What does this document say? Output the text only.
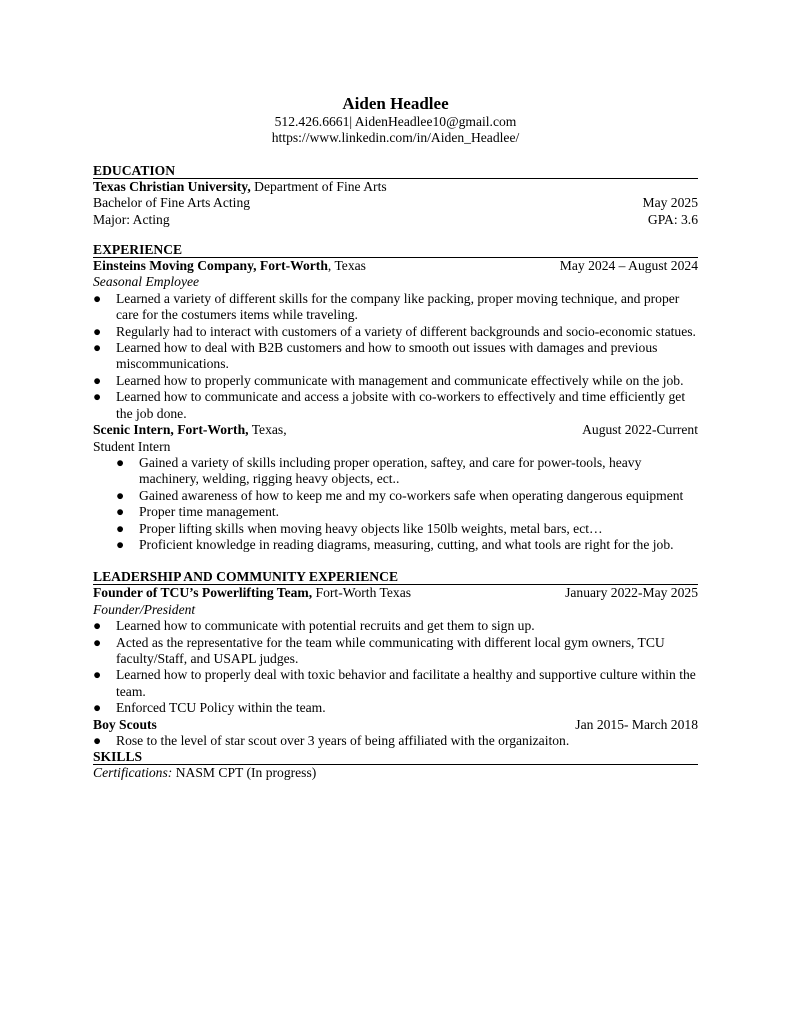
Aiden Headlee
512.426.6661| AidenHeadlee10@gmail.com
https://www.linkedin.com/in/Aiden_Headlee/
EDUCATION
Texas Christian University, Department of Fine Arts
Bachelor of Fine Arts Acting	May 2025
Major: Acting	GPA: 3.6
EXPERIENCE
Einsteins Moving Company, Fort-Worth, Texas	May 2024 – August 2024
Seasonal Employee
● Learned a variety of different skills for the company like packing, proper moving technique, and proper care for the costumers items while traveling.
● Regularly had to interact with customers of a variety of different backgrounds and socio-economic statues.
● Learned how to deal with B2B customers and how to smooth out issues with damages and previous miscommunications.
● Learned how to properly communicate with management and communicate effectively while on the job.
● Learned how to communicate and access a jobsite with co-workers to effectively and time efficiently get the job done.
Scenic Intern, Fort-Worth, Texas,	August 2022-Current
Student Intern
● Gained a variety of skills including proper operation, saftey, and care for power-tools, heavy machinery, welding, rigging heavy objects, ect..
● Gained awareness of how to keep me and my co-workers safe when operating dangerous equipment
● Proper time management.
● Proper lifting skills when moving heavy objects like 150lb weights, metal bars, ect…
● Proficient knowledge in reading diagrams, measuring, cutting, and what tools are right for the job.
LEADERSHIP AND COMMUNITY EXPERIENCE
Founder of TCU’s Powerlifting Team, Fort-Worth Texas	January 2022-May 2025
Founder/President
● Learned how to communicate with potential recruits and get them to sign up.
● Acted as the representative for the team while communicating with different local gym owners, TCU faculty/Staff, and USAPL judges.
● Learned how to properly deal with toxic behavior and facilitate a healthy and supportive culture within the team.
● Enforced TCU Policy within the team.
Boy Scouts	Jan 2015- March 2018
● Rose to the level of star scout over 3 years of being affiliated with the organizaiton.
SKILLS
Certifications: NASM CPT (In progress)
